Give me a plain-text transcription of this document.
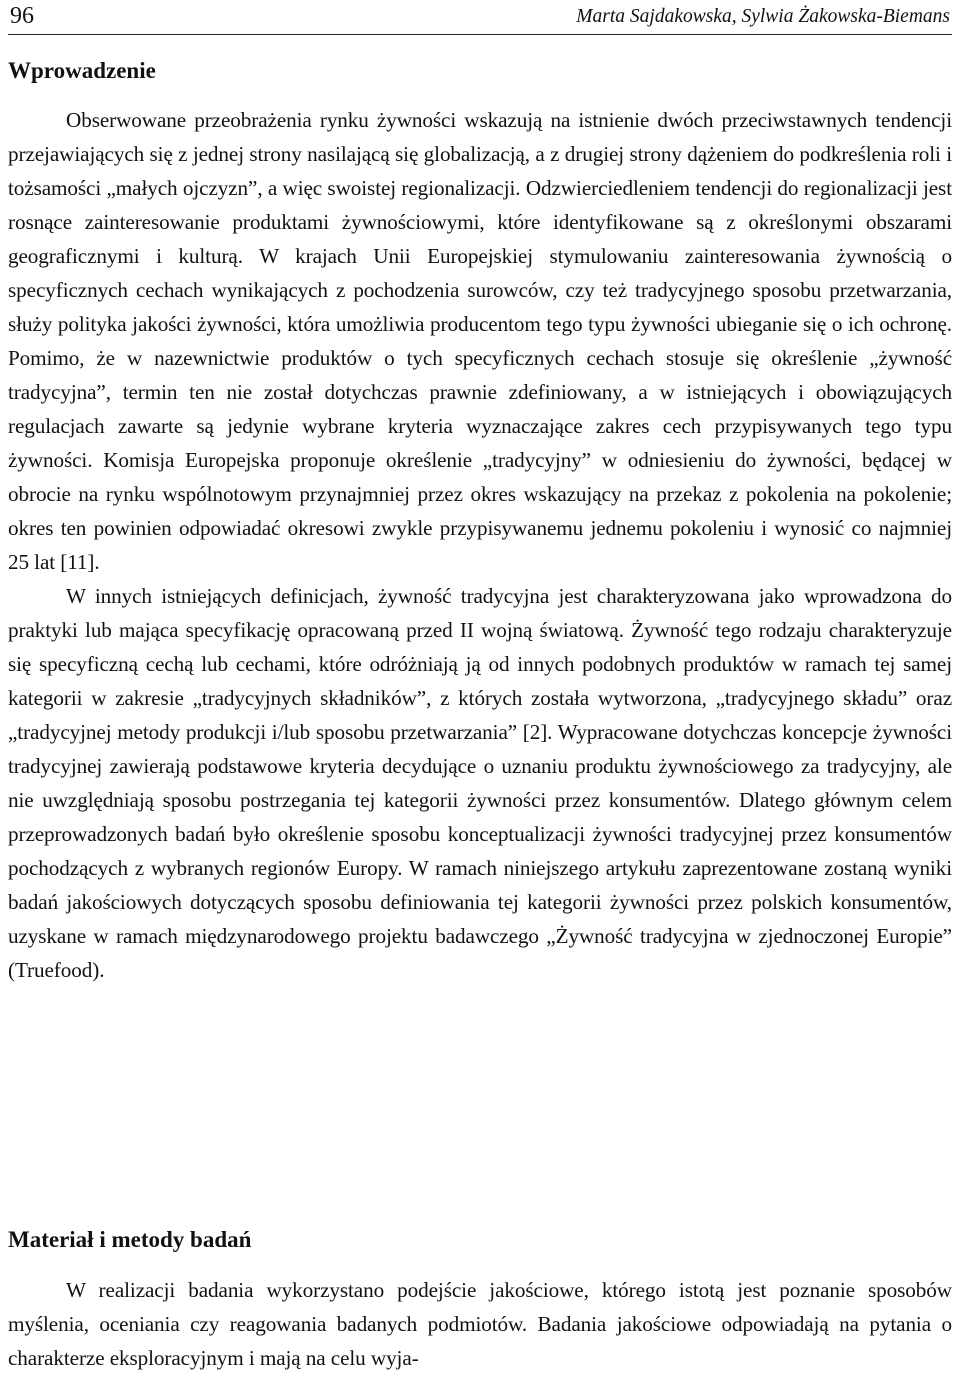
96	Marta Sajdakowska, Sylwia Żakowska-Biemans
Wprowadzenie

Obserwowane przeobrażenia rynku żywności wskazują na istnienie dwóch przeciwstawnych tendencji przejawiających się z jednej strony nasilającą się globalizacją, a z drugiej strony dążeniem do podkreślenia roli i tożsamości „małych ojczyzn”, a więc swoistej regionalizacji. Odzwierciedleniem tendencji do regionalizacji jest rosnące zainteresowanie produktami żywnościowymi, które identyfikowane są z określonymi obszarami geograficznymi i kulturą. W krajach Unii Europejskiej stymulowaniu zainteresowania żywnością o specyficznych cechach wynikających z pochodzenia surowców, czy też tradycyjnego sposobu przetwarzania, służy polityka jakości żywności, która umożliwia producentom tego typu żywności ubieganie się o ich ochronę. Pomimo, że w nazewnictwie produktów o tych specyficznych cechach stosuje się określenie „żywność tradycyjna”, termin ten nie został dotychczas prawnie zdefiniowany, a w istniejących i obowiązujących regulacjach zawarte są jedynie wybrane kryteria wyznaczające zakres cech przypisywanych tego typu żywności. Komisja Europejska proponuje określenie „tradycyjny” w odniesieniu do żywności, będącej w obrocie na rynku wspólnotowym przynajmniej przez okres wskazujący na przekaz z pokolenia na pokolenie; okres ten powinien odpowiadać okresowi zwykle przypisywanemu jednemu pokoleniu i wynosić co najmniej 25 lat [11].

W innych istniejących definicjach, żywność tradycyjna jest charakteryzowana jako wprowadzona do praktyki lub mająca specyfikację opracowaną przed II wojną światową. Żywność tego rodzaju charakteryzuje się specyficzną cechą lub cechami, które odróżniają ją od innych podobnych produktów w ramach tej samej kategorii w zakresie „tradycyjnych składników”, z których została wytworzona, „tradycyjnego składu” oraz „tradycyjnej metody produkcji i/lub sposobu przetwarzania” [2]. Wypracowane dotychczas koncepcje żywności tradycyjnej zawierają podstawowe kryteria decydujące o uznaniu produktu żywnościowego za tradycyjny, ale nie uwzględniają sposobu postrzegania tej kategorii żywności przez konsumentów. Dlatego głównym celem przeprowadzonych badań było określenie sposobu konceptualizacji żywności tradycyjnej przez konsumentów pochodzących z wybranych regionów Europy. W ramach niniejszego artykułu zaprezentowane zostaną wyniki badań jakościowych dotyczących sposobu definiowania tej kategorii żywności przez polskich konsumentów, uzyskane w ramach międzynarodowego projektu badawczego „Żywność tradycyjna w zjednoczonej Europie” (Truefood).

Materiał i metody badań

W realizacji badania wykorzystano podejście jakościowe, którego istotą jest poznanie sposobów myślenia, oceniania czy reagowania badanych podmiotów. Badania jakościowe odpowiadają na pytania o charakterze eksploracyjnym i mają na celu wyja-
